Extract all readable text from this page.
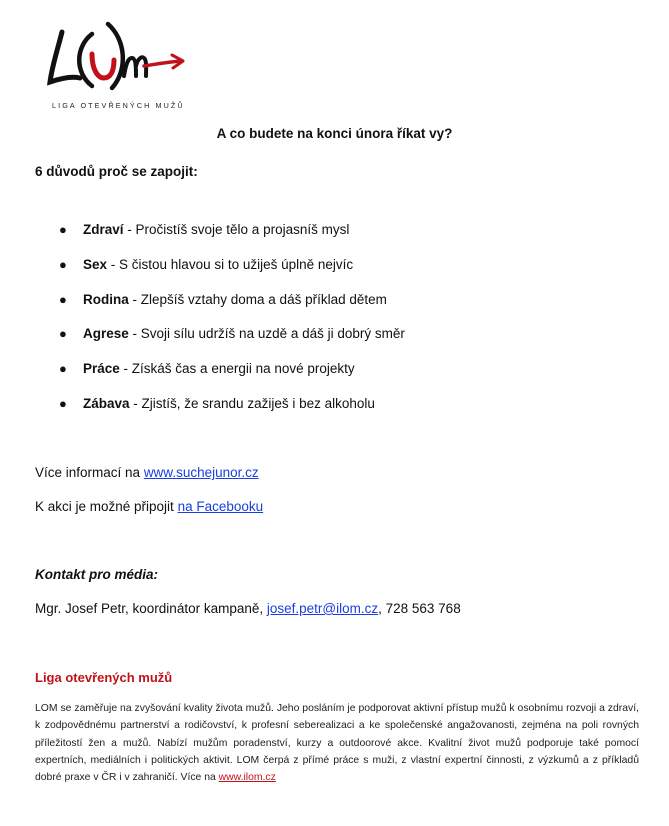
LIGA OTEVŘENÝCH MUŽŮ
A co budete na konci února říkat vy?
6 důvodů proč se zapojit:
● Zdraví - Pročistíš svoje tělo a projasníš mysl
● Sex - S čistou hlavou si to užiješ úplně nejvíc
● Rodina - Zlepšíš vztahy doma a dáš příklad dětem
● Agrese - Svoji sílu udržíš na uzdě a dáš ji dobrý směr
● Práce - Získáš čas a energii na nové projekty
● Zábava - Zjistíš, že srandu zažiješ i bez alkoholu
Více informací na www.suchejunor.cz
K akci je možné připojit na Facebooku
Kontakt pro média:
Mgr. Josef Petr, koordinátor kampaně, josef.petr@ilom.cz, 728 563 768
Liga otevřených mužů
LOM se zaměřuje na zvyšování kvality života mužů. Jeho posláním je podporovat aktivní přístup mužů k osobnímu rozvoji a zdraví, k zodpovědnému partnerství a rodičovství, k profesní seberealizaci a ke společenské angažovanosti, zejména na poli rovných příležitostí žen a mužů. Nabízí mužům poradenství, kurzy a outdoorové akce. Kvalitní život mužů podporuje také pomocí expertních, mediálních i politických aktivit. LOM čerpá z přímé práce s muži, z vlastní expertní činnosti, z výzkumů a z příkladů dobré praxe v ČR i v zahraničí. Více na www.ilom.cz
